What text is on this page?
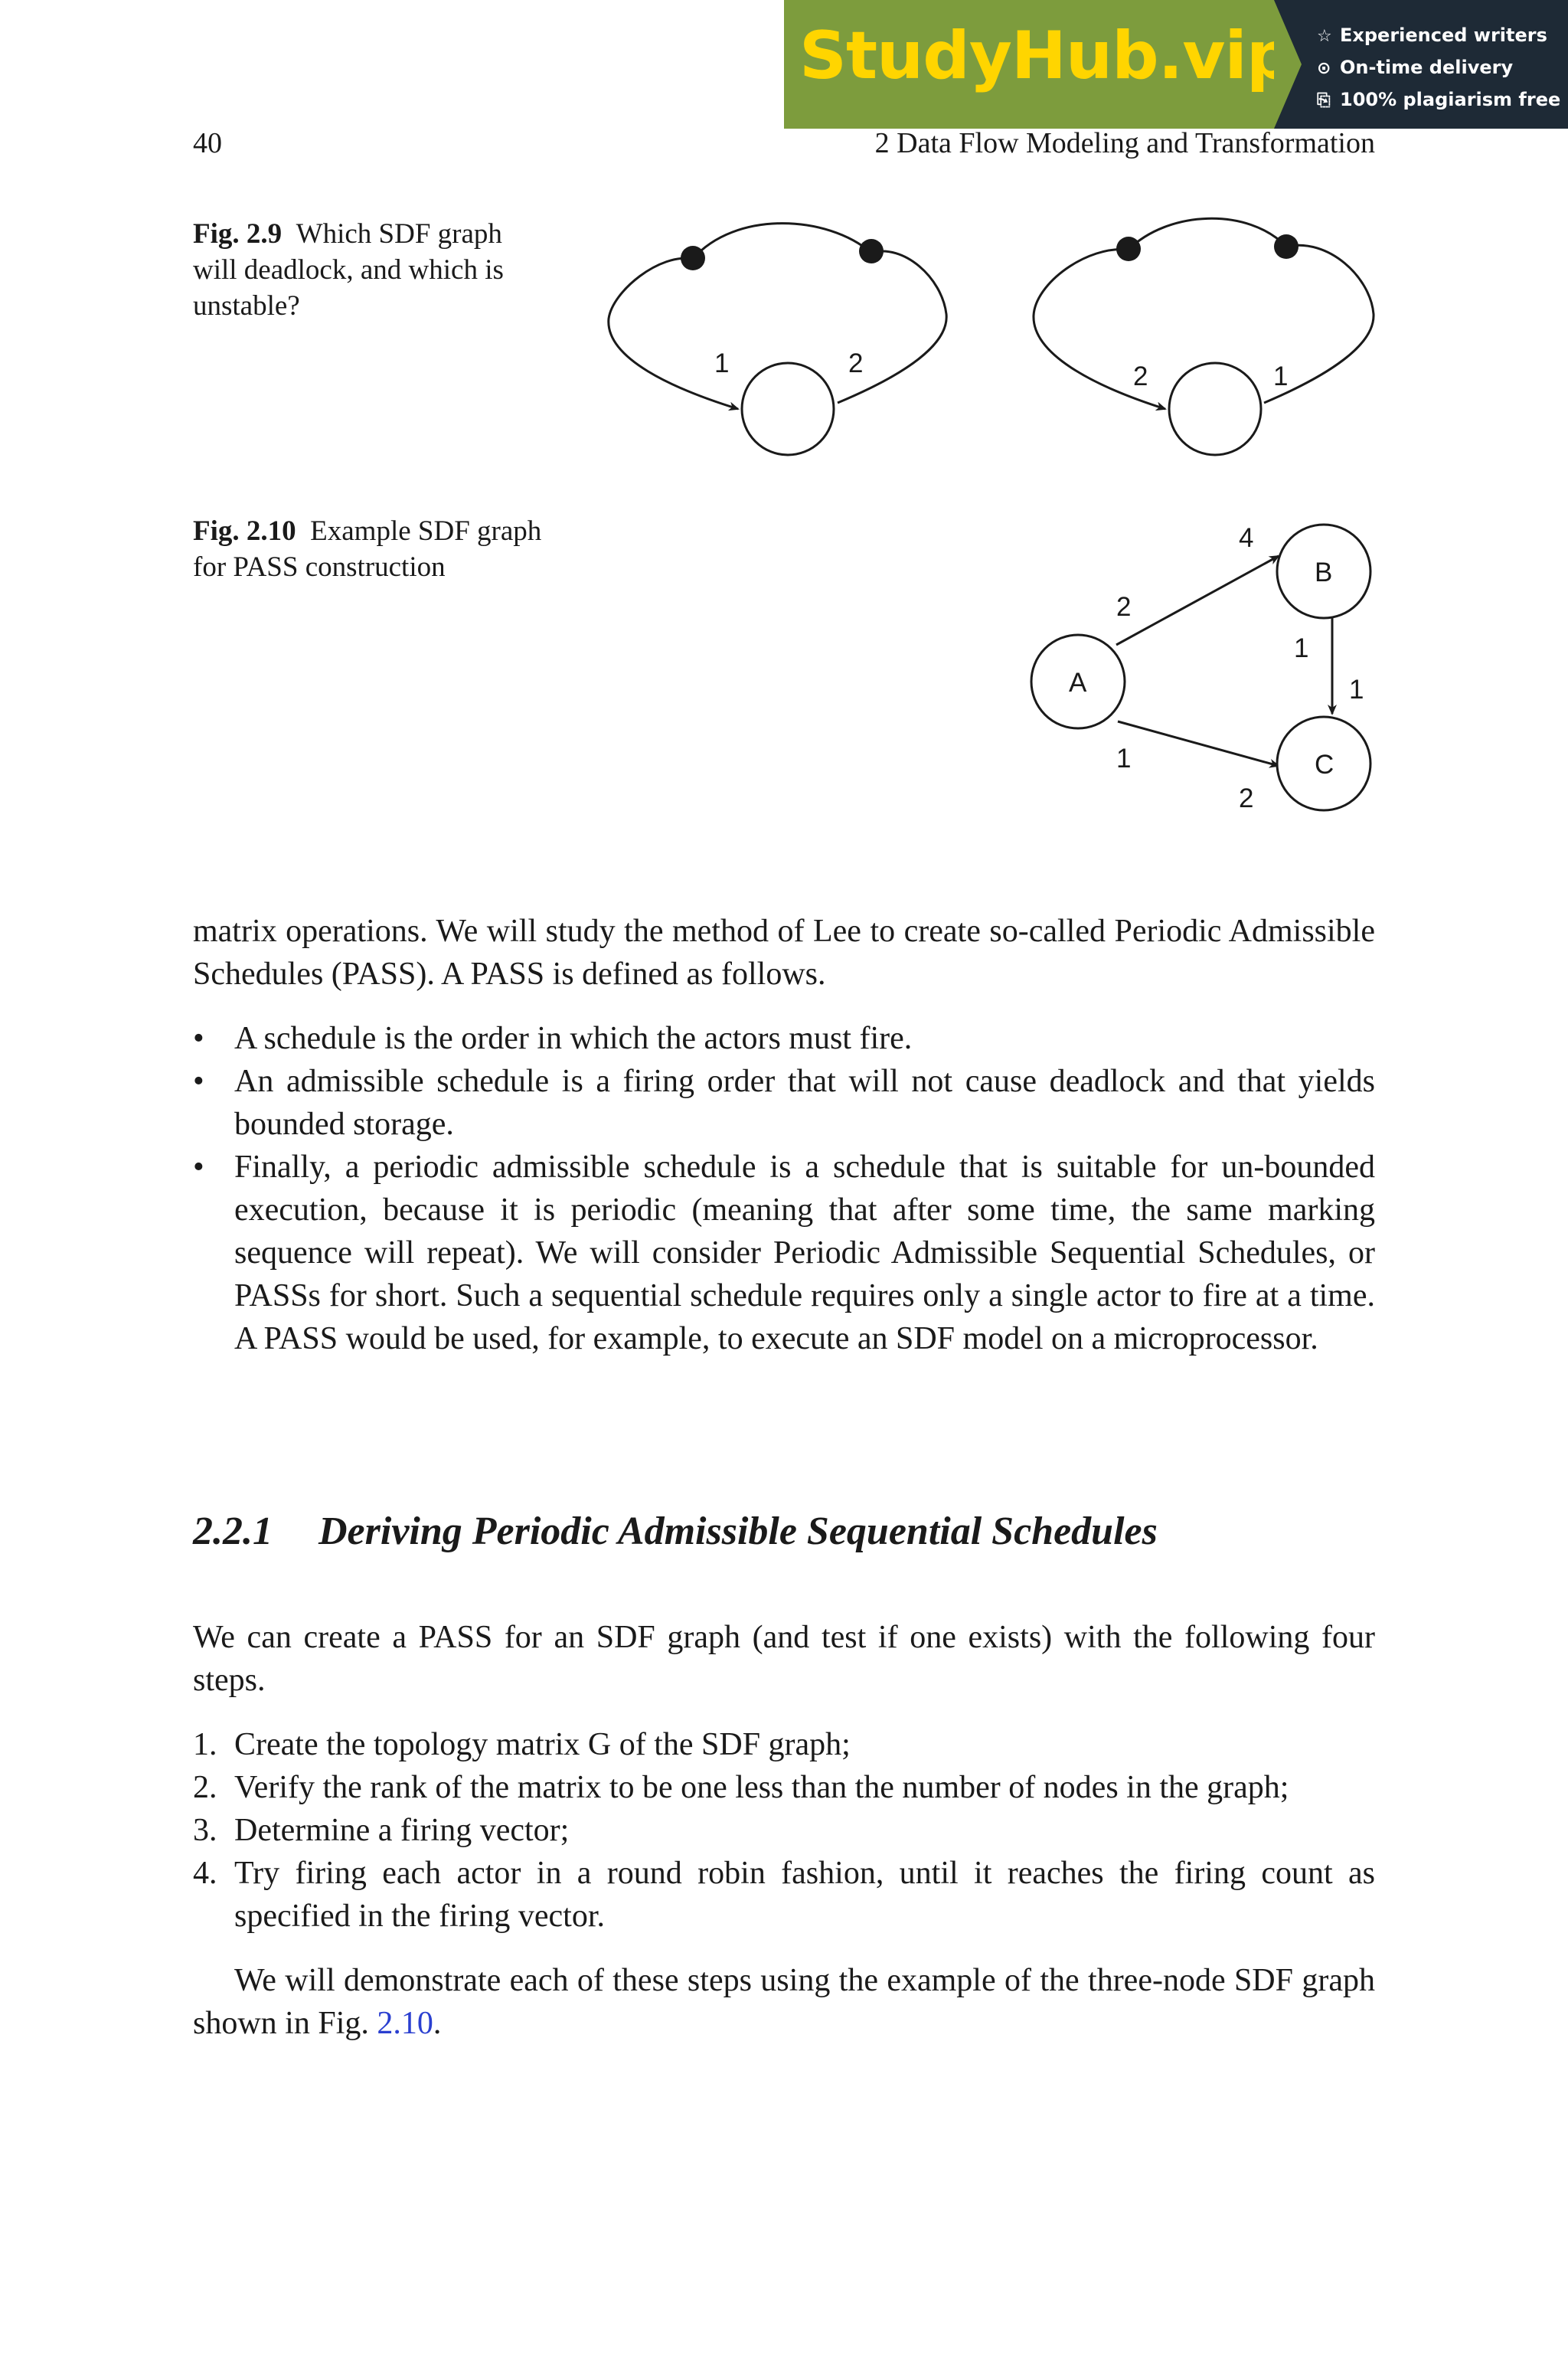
StudyHub.vip ☆ Experienced writers
⊙ On-time delivery
⎘ 100% plagiarism free
40	2 Data Flow Modeling and Transformation
Fig. 2.9 Which SDF graph will deadlock, and which is unstable?
Fig. 2.10 Example SDF graph for PASS construction
1	2	2	1
A
B
C
2
4
1
1
1
2

matrix operations. We will study the method of Lee to create so-called Periodic Admissible Schedules (PASS). A PASS is defined as follows.

• A schedule is the order in which the actors must fire.
• An admissible schedule is a firing order that will not cause deadlock and that yields bounded storage.
• Finally, a periodic admissible schedule is a schedule that is suitable for un-bounded execution, because it is periodic (meaning that after some time, the same marking sequence will repeat). We will consider Periodic Admissible Sequential Schedules, or PASSs for short. Such a sequential schedule requires only a single actor to fire at a time. A PASS would be used, for example, to execute an SDF model on a microprocessor.
2.2.1 Deriving Periodic Admissible Sequential Schedules

We can create a PASS for an SDF graph (and test if one exists) with the following four steps.

1. Create the topology matrix G of the SDF graph;
2. Verify the rank of the matrix to be one less than the number of nodes in the graph;
3. Determine a firing vector;
4. Try firing each actor in a round robin fashion, until it reaches the firing count as specified in the firing vector.

We will demonstrate each of these steps using the example of the three-node SDF graph shown in Fig. 2.10.
